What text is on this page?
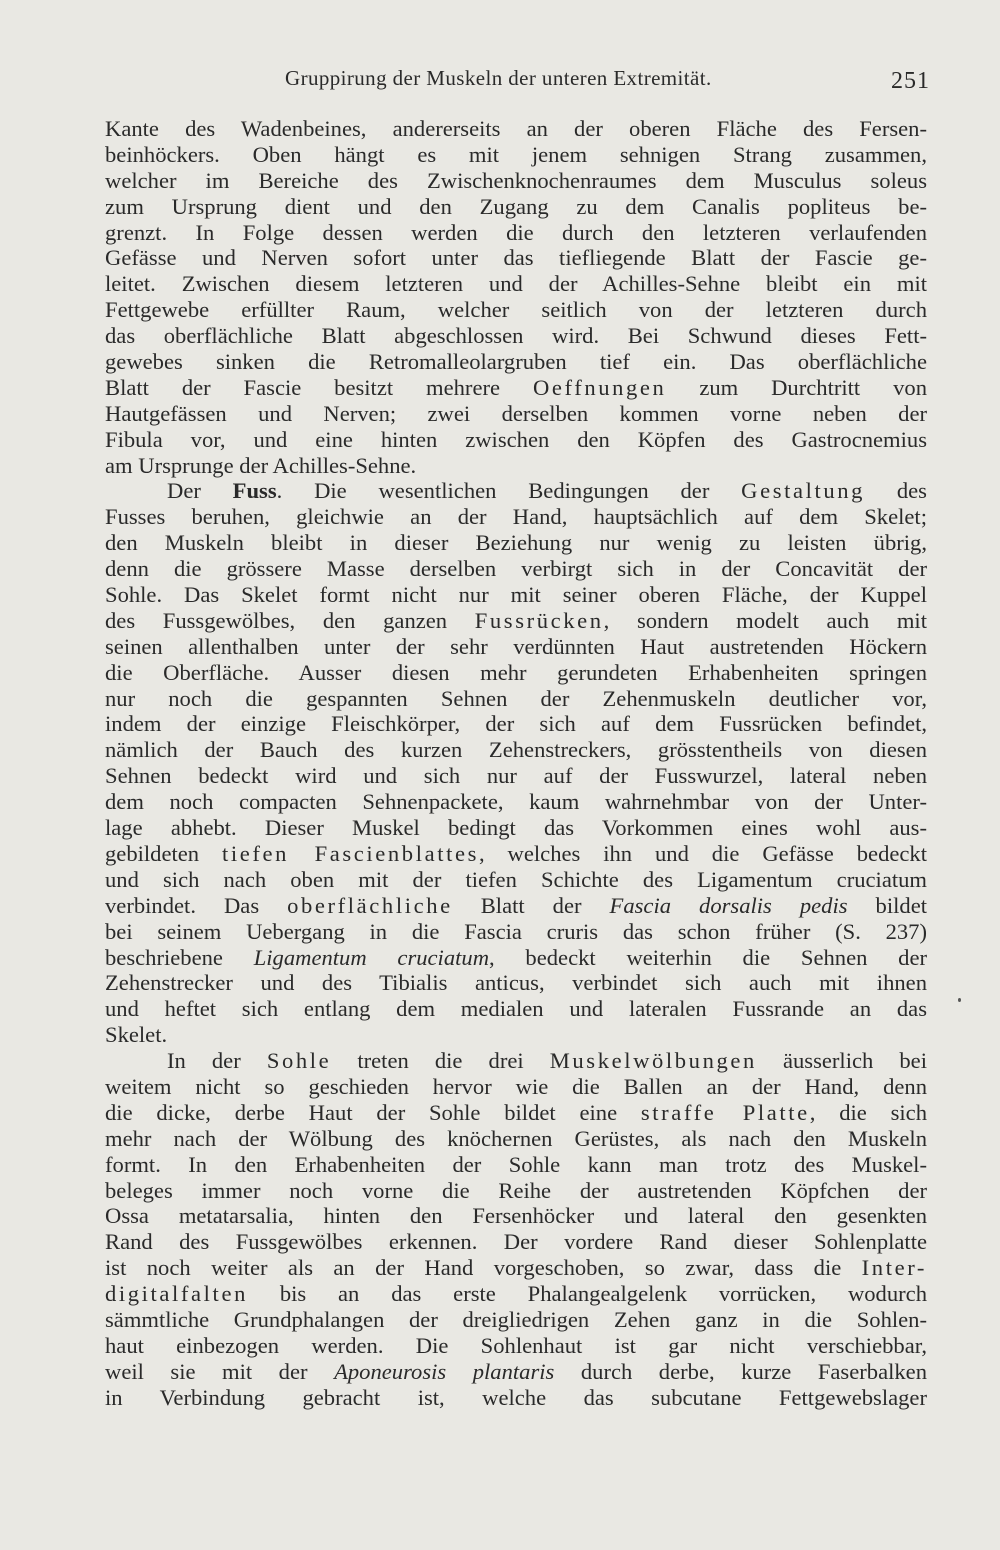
Gruppirung der Muskeln der unteren Extremität.	251
Kante des Wadenbeines, andererseits an der oberen Fläche des Fersen-
beinhöckers. Oben hängt es mit jenem sehnigen Strang zusammen,
welcher im Bereiche des Zwischenknochenraumes dem Musculus soleus
zum Ursprung dient und den Zugang zu dem Canalis popliteus be-
grenzt. In Folge dessen werden die durch den letzteren verlaufenden
Gefässe und Nerven sofort unter das tiefliegende Blatt der Fascie ge-
leitet. Zwischen diesem letzteren und der Achilles-Sehne bleibt ein mit
Fettgewebe erfüllter Raum, welcher seitlich von der letzteren durch
das oberflächliche Blatt abgeschlossen wird. Bei Schwund dieses Fett-
gewebes sinken die Retromalleolargruben tief ein. Das oberflächliche
Blatt der Fascie besitzt mehrere Oeffnungen zum Durchtritt von
Hautgefässen und Nerven; zwei derselben kommen vorne neben der
Fibula vor, und eine hinten zwischen den Köpfen des Gastrocnemius
am Ursprunge der Achilles-Sehne.
Der Fuss. Die wesentlichen Bedingungen der Gestaltung des
Fusses beruhen, gleichwie an der Hand, hauptsächlich auf dem Skelet;
den Muskeln bleibt in dieser Beziehung nur wenig zu leisten übrig,
denn die grössere Masse derselben verbirgt sich in der Concavität der
Sohle. Das Skelet formt nicht nur mit seiner oberen Fläche, der Kuppel
des Fussgewölbes, den ganzen Fussrücken, sondern modelt auch mit
seinen allenthalben unter der sehr verdünnten Haut austretenden Höckern
die Oberfläche. Ausser diesen mehr gerundeten Erhabenheiten springen
nur noch die gespannten Sehnen der Zehenmuskeln deutlicher vor,
indem der einzige Fleischkörper, der sich auf dem Fussrücken befindet,
nämlich der Bauch des kurzen Zehenstreckers, grösstentheils von diesen
Sehnen bedeckt wird und sich nur auf der Fusswurzel, lateral neben
dem noch compacten Sehnenpackete, kaum wahrnehmbar von der Unter-
lage abhebt. Dieser Muskel bedingt das Vorkommen eines wohl aus-
gebildeten tiefen Fascienblattes, welches ihn und die Gefässe bedeckt
und sich nach oben mit der tiefen Schichte des Ligamentum cruciatum
verbindet. Das oberflächliche Blatt der Fascia dorsalis pedis bildet
bei seinem Uebergang in die Fascia cruris das schon früher (S. 237)
beschriebene Ligamentum cruciatum, bedeckt weiterhin die Sehnen der
Zehenstrecker und des Tibialis anticus, verbindet sich auch mit ihnen
und heftet sich entlang dem medialen und lateralen Fussrande an das
Skelet.
In der Sohle treten die drei Muskelwölbungen äusserlich bei
weitem nicht so geschieden hervor wie die Ballen an der Hand, denn
die dicke, derbe Haut der Sohle bildet eine straffe Platte, die sich
mehr nach der Wölbung des knöchernen Gerüstes, als nach den Muskeln
formt. In den Erhabenheiten der Sohle kann man trotz des Muskel-
beleges immer noch vorne die Reihe der austretenden Köpfchen der
Ossa metatarsalia, hinten den Fersenhöcker und lateral den gesenkten
Rand des Fussgewölbes erkennen. Der vordere Rand dieser Sohlenplatte
ist noch weiter als an der Hand vorgeschoben, so zwar, dass die Inter-
digitalfalten bis an das erste Phalangealgelenk vorrücken, wodurch
sämmtliche Grundphalangen der dreigliedrigen Zehen ganz in die Sohlen-
haut einbezogen werden. Die Sohlenhaut ist gar nicht verschiebbar,
weil sie mit der Aponeurosis plantaris durch derbe, kurze Faserbalken
in Verbindung gebracht ist, welche das subcutane Fettgewebslager
